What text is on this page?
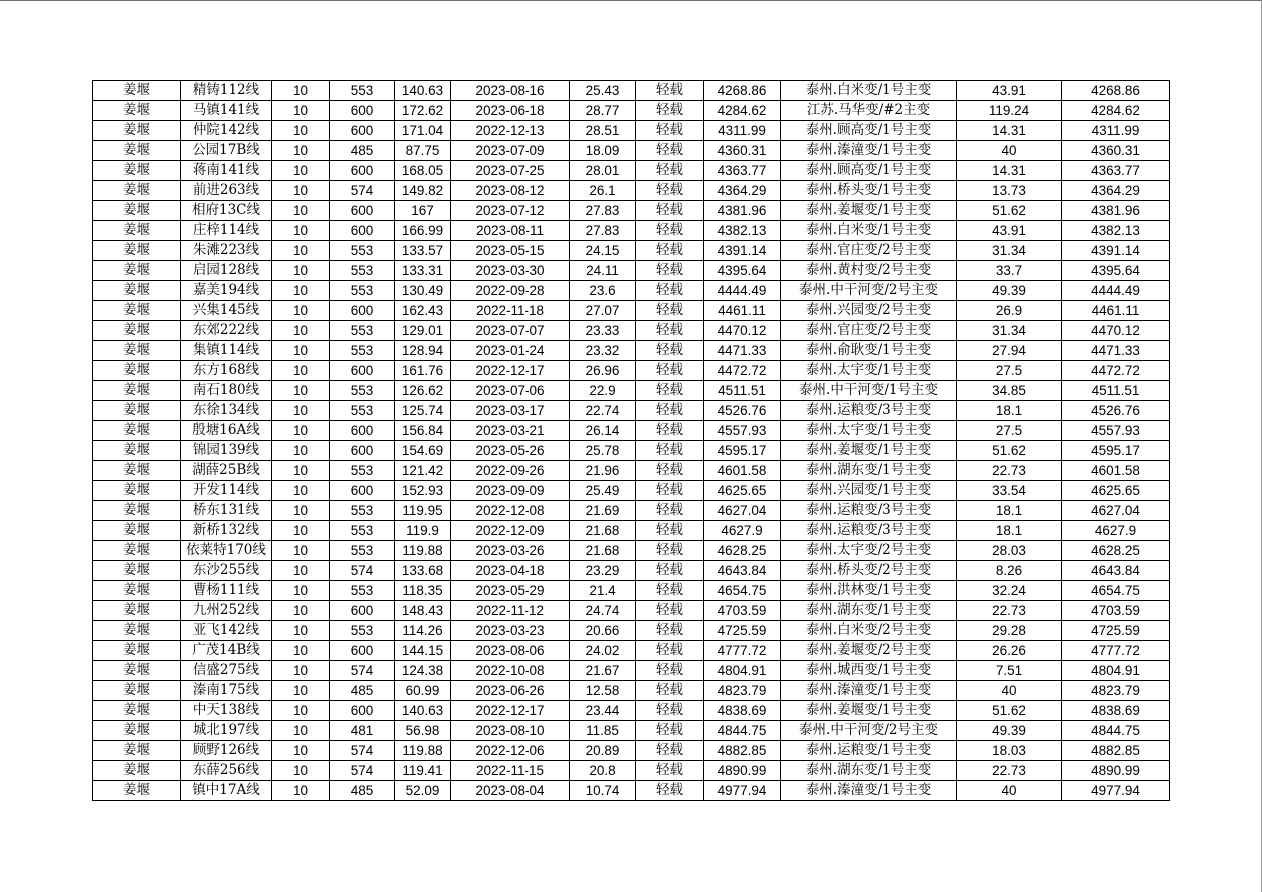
姜堰	精铸112线	10	553	140.63	2023-08-16	25.43	轻载	4268.86	泰州.白米变/1号主变	43.91	4268.86
姜堰	马镇141线	10	600	172.62	2023-06-18	28.77	轻载	4284.62	江苏.马华变/#2主变	119.24	4284.62
姜堰	仲院142线	10	600	171.04	2022-12-13	28.51	轻载	4311.99	泰州.顾高变/1号主变	14.31	4311.99
姜堰	公园17B线	10	485	87.75	2023-07-09	18.09	轻载	4360.31	泰州.溱潼变/1号主变	40	4360.31
姜堰	蒋南141线	10	600	168.05	2023-07-25	28.01	轻载	4363.77	泰州.顾高变/1号主变	14.31	4363.77
姜堰	前进263线	10	574	149.82	2023-08-12	26.1	轻载	4364.29	泰州.桥头变/1号主变	13.73	4364.29
姜堰	相府13C线	10	600	167	2023-07-12	27.83	轻载	4381.96	泰州.姜堰变/1号主变	51.62	4381.96
姜堰	庄梓114线	10	600	166.99	2023-08-11	27.83	轻载	4382.13	泰州.白米变/1号主变	43.91	4382.13
姜堰	朱滩223线	10	553	133.57	2023-05-15	24.15	轻载	4391.14	泰州.官庄变/2号主变	31.34	4391.14
姜堰	启园128线	10	553	133.31	2023-03-30	24.11	轻载	4395.64	泰州.黄村变/2号主变	33.7	4395.64
姜堰	嘉美194线	10	553	130.49	2022-09-28	23.6	轻载	4444.49	泰州.中干河变/2号主变	49.39	4444.49
姜堰	兴集145线	10	600	162.43	2022-11-18	27.07	轻载	4461.11	泰州.兴园变/2号主变	26.9	4461.11
姜堰	东郊222线	10	553	129.01	2023-07-07	23.33	轻载	4470.12	泰州.官庄变/2号主变	31.34	4470.12
姜堰	集镇114线	10	553	128.94	2023-01-24	23.32	轻载	4471.33	泰州.俞耿变/1号主变	27.94	4471.33
姜堰	东方168线	10	600	161.76	2022-12-17	26.96	轻载	4472.72	泰州.太宇变/1号主变	27.5	4472.72
姜堰	南石180线	10	553	126.62	2023-07-06	22.9	轻载	4511.51	泰州.中干河变/1号主变	34.85	4511.51
姜堰	东徐134线	10	553	125.74	2023-03-17	22.74	轻载	4526.76	泰州.运粮变/3号主变	18.1	4526.76
姜堰	殷塘16A线	10	600	156.84	2023-03-21	26.14	轻载	4557.93	泰州.太宇变/1号主变	27.5	4557.93
姜堰	锦园139线	10	600	154.69	2023-05-26	25.78	轻载	4595.17	泰州.姜堰变/1号主变	51.62	4595.17
姜堰	湖薛25B线	10	553	121.42	2022-09-26	21.96	轻载	4601.58	泰州.湖东变/1号主变	22.73	4601.58
姜堰	开发114线	10	600	152.93	2023-09-09	25.49	轻载	4625.65	泰州.兴园变/1号主变	33.54	4625.65
姜堰	桥东131线	10	553	119.95	2022-12-08	21.69	轻载	4627.04	泰州.运粮变/3号主变	18.1	4627.04
姜堰	新桥132线	10	553	119.9	2022-12-09	21.68	轻载	4627.9	泰州.运粮变/3号主变	18.1	4627.9
姜堰	依莱特170线	10	553	119.88	2023-03-26	21.68	轻载	4628.25	泰州.太宇变/2号主变	28.03	4628.25
姜堰	东沙255线	10	574	133.68	2023-04-18	23.29	轻载	4643.84	泰州.桥头变/2号主变	8.26	4643.84
姜堰	曹杨111线	10	553	118.35	2023-05-29	21.4	轻载	4654.75	泰州.洪林变/1号主变	32.24	4654.75
姜堰	九州252线	10	600	148.43	2022-11-12	24.74	轻载	4703.59	泰州.湖东变/1号主变	22.73	4703.59
姜堰	亚飞142线	10	553	114.26	2023-03-23	20.66	轻载	4725.59	泰州.白米变/2号主变	29.28	4725.59
姜堰	广茂14B线	10	600	144.15	2023-08-06	24.02	轻载	4777.72	泰州.姜堰变/2号主变	26.26	4777.72
姜堰	信盛275线	10	574	124.38	2022-10-08	21.67	轻载	4804.91	泰州.城西变/1号主变	7.51	4804.91
姜堰	溱南175线	10	485	60.99	2023-06-26	12.58	轻载	4823.79	泰州.溱潼变/1号主变	40	4823.79
姜堰	中天138线	10	600	140.63	2022-12-17	23.44	轻载	4838.69	泰州.姜堰变/1号主变	51.62	4838.69
姜堰	城北197线	10	481	56.98	2023-08-10	11.85	轻载	4844.75	泰州.中干河变/2号主变	49.39	4844.75
姜堰	顾野126线	10	574	119.88	2022-12-06	20.89	轻载	4882.85	泰州.运粮变/1号主变	18.03	4882.85
姜堰	东薛256线	10	574	119.41	2022-11-15	20.8	轻载	4890.99	泰州.湖东变/1号主变	22.73	4890.99
姜堰	镇中17A线	10	485	52.09	2023-08-04	10.74	轻载	4977.94	泰州.溱潼变/1号主变	40	4977.94
